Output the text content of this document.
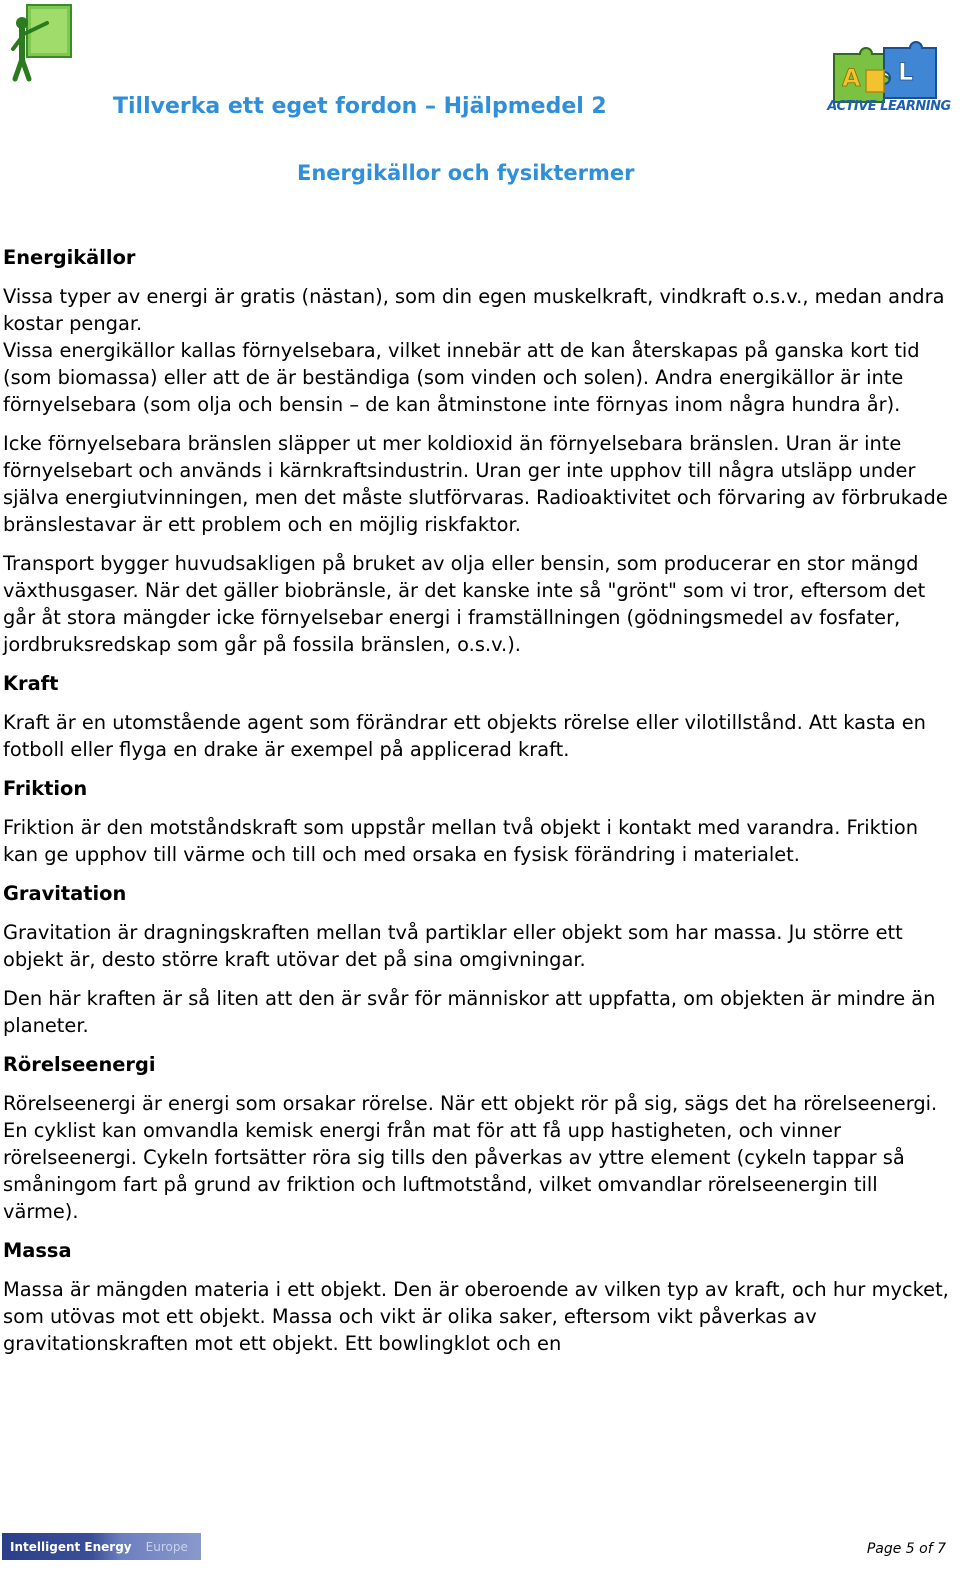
A L
ACTIVE LEARNING
Tillverka ett eget fordon – Hjälpmedel 2
Energikällor och fysiktermer
Energikällor

Vissa typer av energi är gratis (nästan), som din egen muskelkraft, vindkraft o.s.v., medan andra kostar pengar.

Vissa energikällor kallas förnyelsebara, vilket innebär att de kan återskapas på ganska kort tid (som biomassa) eller att de är beständiga (som vinden och solen). Andra energikällor är inte förnyelsebara (som olja och bensin – de kan åtminstone inte förnyas inom några hundra år).

Icke förnyelsebara bränslen släpper ut mer koldioxid än förnyelsebara bränslen. Uran är inte förnyelsebart och används i kärnkraftsindustrin. Uran ger inte upphov till några utsläpp under själva energiutvinningen, men det måste slutförvaras. Radioaktivitet och förvaring av förbrukade bränslestavar är ett problem och en möjlig riskfaktor.

Transport bygger huvudsakligen på bruket av olja eller bensin, som producerar en stor mängd växthusgaser. När det gäller biobränsle, är det kanske inte så "grönt" som vi tror, eftersom det går åt stora mängder icke förnyelsebar energi i framställningen (gödningsmedel av fosfater, jordbruksredskap som går på fossila bränslen, o.s.v.).

Kraft

Kraft är en utomstående agent som förändrar ett objekts rörelse eller vilotillstånd. Att kasta en fotboll eller flyga en drake är exempel på applicerad kraft.

Friktion

Friktion är den motståndskraft som uppstår mellan två objekt i kontakt med varandra. Friktion kan ge upphov till värme och till och med orsaka en fysisk förändring i materialet.

Gravitation

Gravitation är dragningskraften mellan två partiklar eller objekt som har massa. Ju större ett objekt är, desto större kraft utövar det på sina omgivningar.

Den här kraften är så liten att den är svår för människor att uppfatta, om objekten är mindre än planeter.

Rörelseenergi

Rörelseenergi är energi som orsakar rörelse. När ett objekt rör på sig, sägs det ha rörelseenergi. En cyklist kan omvandla kemisk energi från mat för att få upp hastigheten, och vinner rörelseenergi. Cykeln fortsätter röra sig tills den påverkas av yttre element (cykeln tappar så småningom fart på grund av friktion och luftmotstånd, vilket omvandlar rörelseenergin till värme).

Massa

Massa är mängden materia i ett objekt. Den är oberoende av vilken typ av kraft, och hur mycket, som utövas mot ett objekt. Massa och vikt är olika saker, eftersom vikt påverkas av gravitationskraften mot ett objekt. Ett bowlingklot och en

Intelligent Energy Europe	Page 5 of 7
